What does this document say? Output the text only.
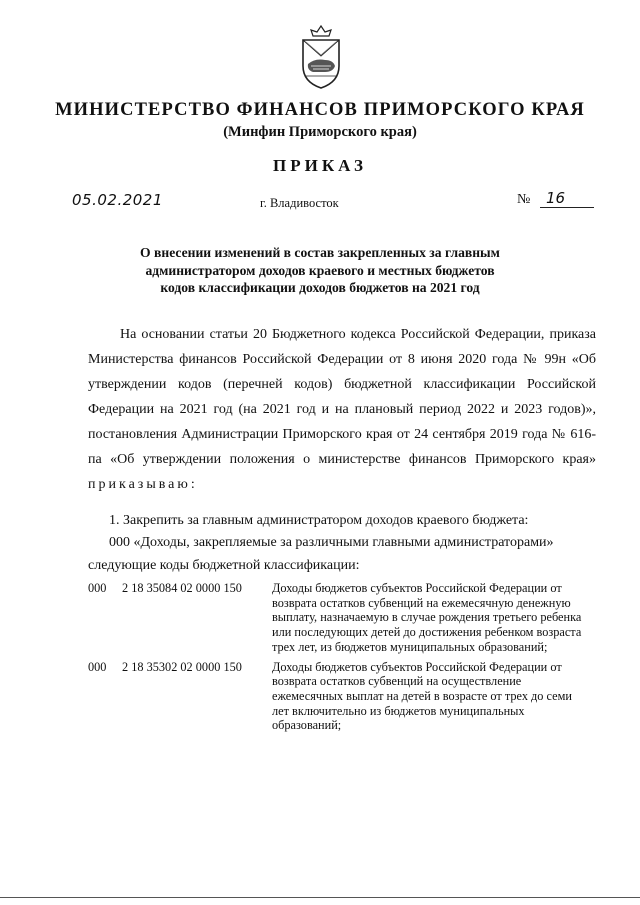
МИНИСТЕРСТВО ФИНАНСОВ ПРИМОРСКОГО КРАЯ
(Минфин Приморского края)
ПРИКАЗ
05.02.2021	г. Владивосток	№	16
О внесении изменений в состав закрепленных за главным
администратором доходов краевого и местных бюджетов
кодов классификации доходов бюджетов на 2021 год

На основании статьи 20 Бюджетного кодекса Российской Федерации, приказа Министерства финансов Российской Федерации от 8 июня 2020 года № 99н «Об утверждении кодов (перечней кодов) бюджетной классификации Российской Федерации на 2021 год (на 2021 год и на плановый период 2022 и 2023 годов)», постановления Администрации Приморского края от 24 сентября 2019 года № 616-па «Об утверждении положения о министерстве финансов Приморского края» приказываю:

1. Закрепить за главным администратором доходов краевого бюджета:

000 «Доходы, закрепляемые за различными главными администраторами»

следующие коды бюджетной классификации:

000	2 18 35084 02 0000 150	Доходы бюджетов субъектов Российской Федерации от возврата остатков субвенций на ежемесячную денежную выплату, назначаемую в случае рождения третьего ребенка или последующих детей до достижения ребенком возраста трех лет, из бюджетов муниципальных образований;
000	2 18 35302 02 0000 150	Доходы бюджетов субъектов Российской Федерации от возврата остатков субвенций на осуществление ежемесячных выплат на детей в возрасте от трех до семи лет включительно из бюджетов муниципальных образований;
